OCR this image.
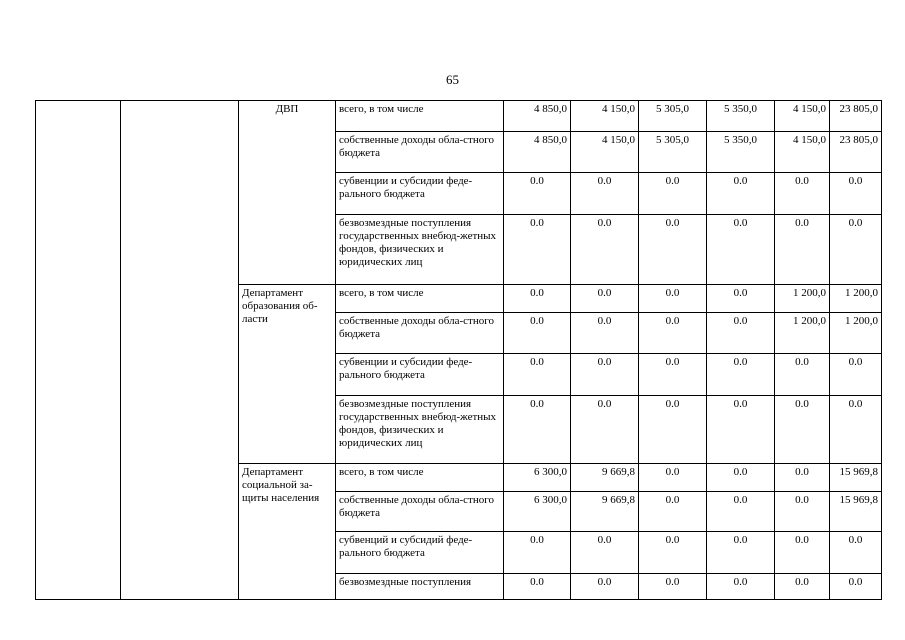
65
		ДВП	всего, в том числе	4 850,0	4 150,0	5 305,0	5 350,0	4 150,0	23 805,0
			собственные доходы обла-стного бюджета	4 850,0	4 150,0	5 305,0	5 350,0	4 150,0	23 805,0
			субвенции и субсидии феде-рального бюджета	0.0	0.0	0.0	0.0	0.0	0.0
			безвозмездные поступления государственных внебюд-жетных фондов, физических и юридических лиц	0.0	0.0	0.0	0.0	0.0	0.0
		Департамент образования об-ласти	всего, в том числе	0.0	0.0	0.0	0.0	1 200,0	1 200,0
			собственные доходы обла-стного бюджета	0.0	0.0	0.0	0.0	1 200,0	1 200,0
			субвенции и субсидии феде-рального бюджета	0.0	0.0	0.0	0.0	0.0	0.0
			безвозмездные поступления государственных внебюд-жетных фондов, физических и юридических лиц	0.0	0.0	0.0	0.0	0.0	0.0
		Департамент социальной за-щиты населения	всего, в том числе	6 300,0	9 669,8	0.0	0.0	0.0	15 969,8
			собственные доходы обла-стного бюджета	6 300,0	9 669,8	0.0	0.0	0.0	15 969,8
			субвенций и субсидий феде-рального бюджета	0.0	0.0	0.0	0.0	0.0	0.0
			безвозмездные поступления	0.0	0.0	0.0	0.0	0.0	0.0
